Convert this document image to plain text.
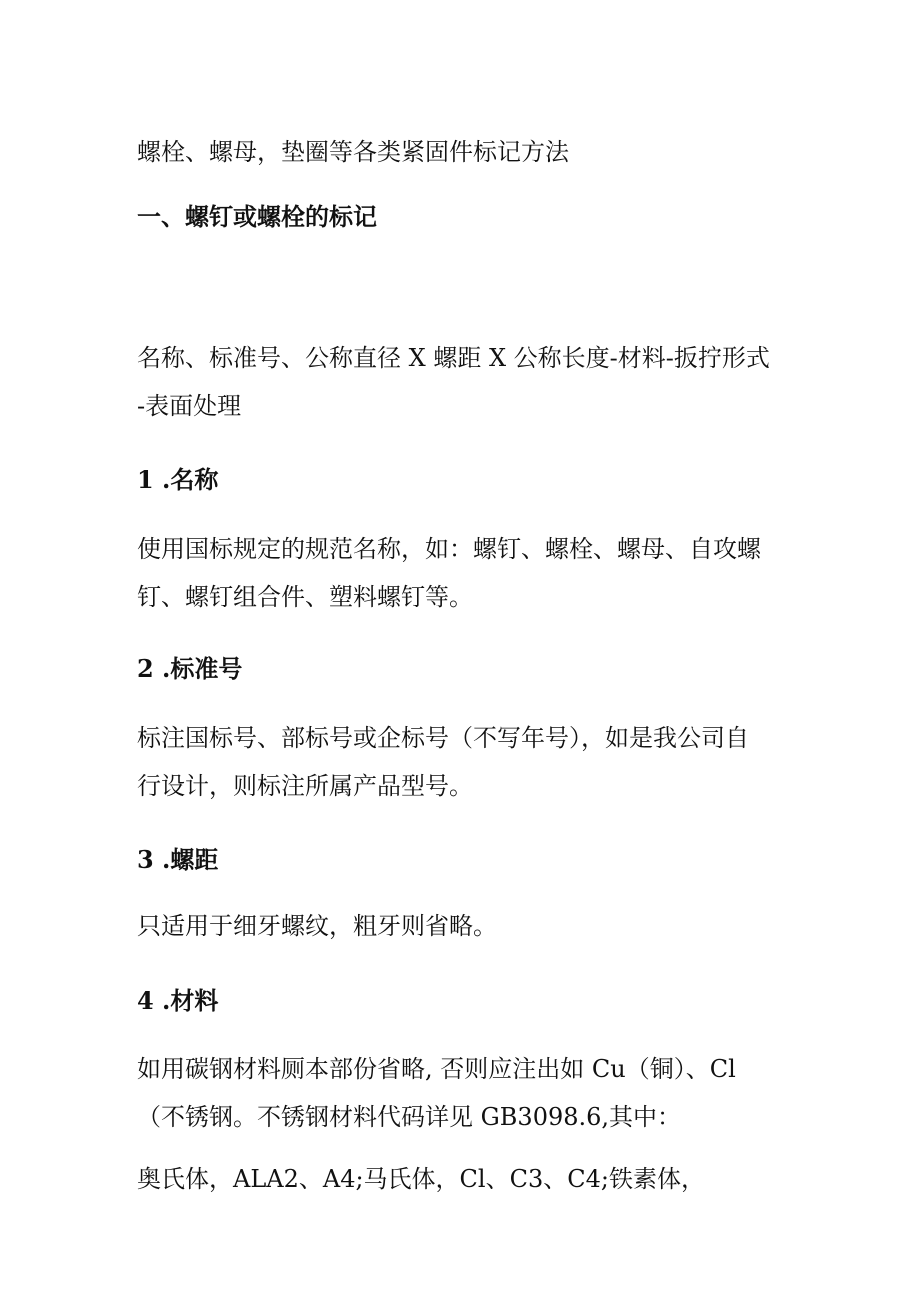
螺栓、螺母，垫圈等各类紧固件标记方法
一、螺钉或螺栓的标记
名称、标准号、公称直径 X 螺距 X 公称长度-材料-扳拧形式
-表面处理
1 .名称
使用国标规定的规范名称，如：螺钉、螺栓、螺母、自攻螺
钉、螺钉组合件、塑料螺钉等。
2 .标准号
标注国标号、部标号或企标号（不写年号），如是我公司自
行设计，则标注所属产品型号。
3 .螺距
只适用于细牙螺纹，粗牙则省略。
4 .材料
如用碳钢材料厕本部份省略, 否则应注出如 Cu（铜）、Cl
（不锈钢。不锈钢材料代码详见 GB3098.6,其中：
奥氏体，ALA2、A4;马氏体，Cl、C3、C4;铁素体，
